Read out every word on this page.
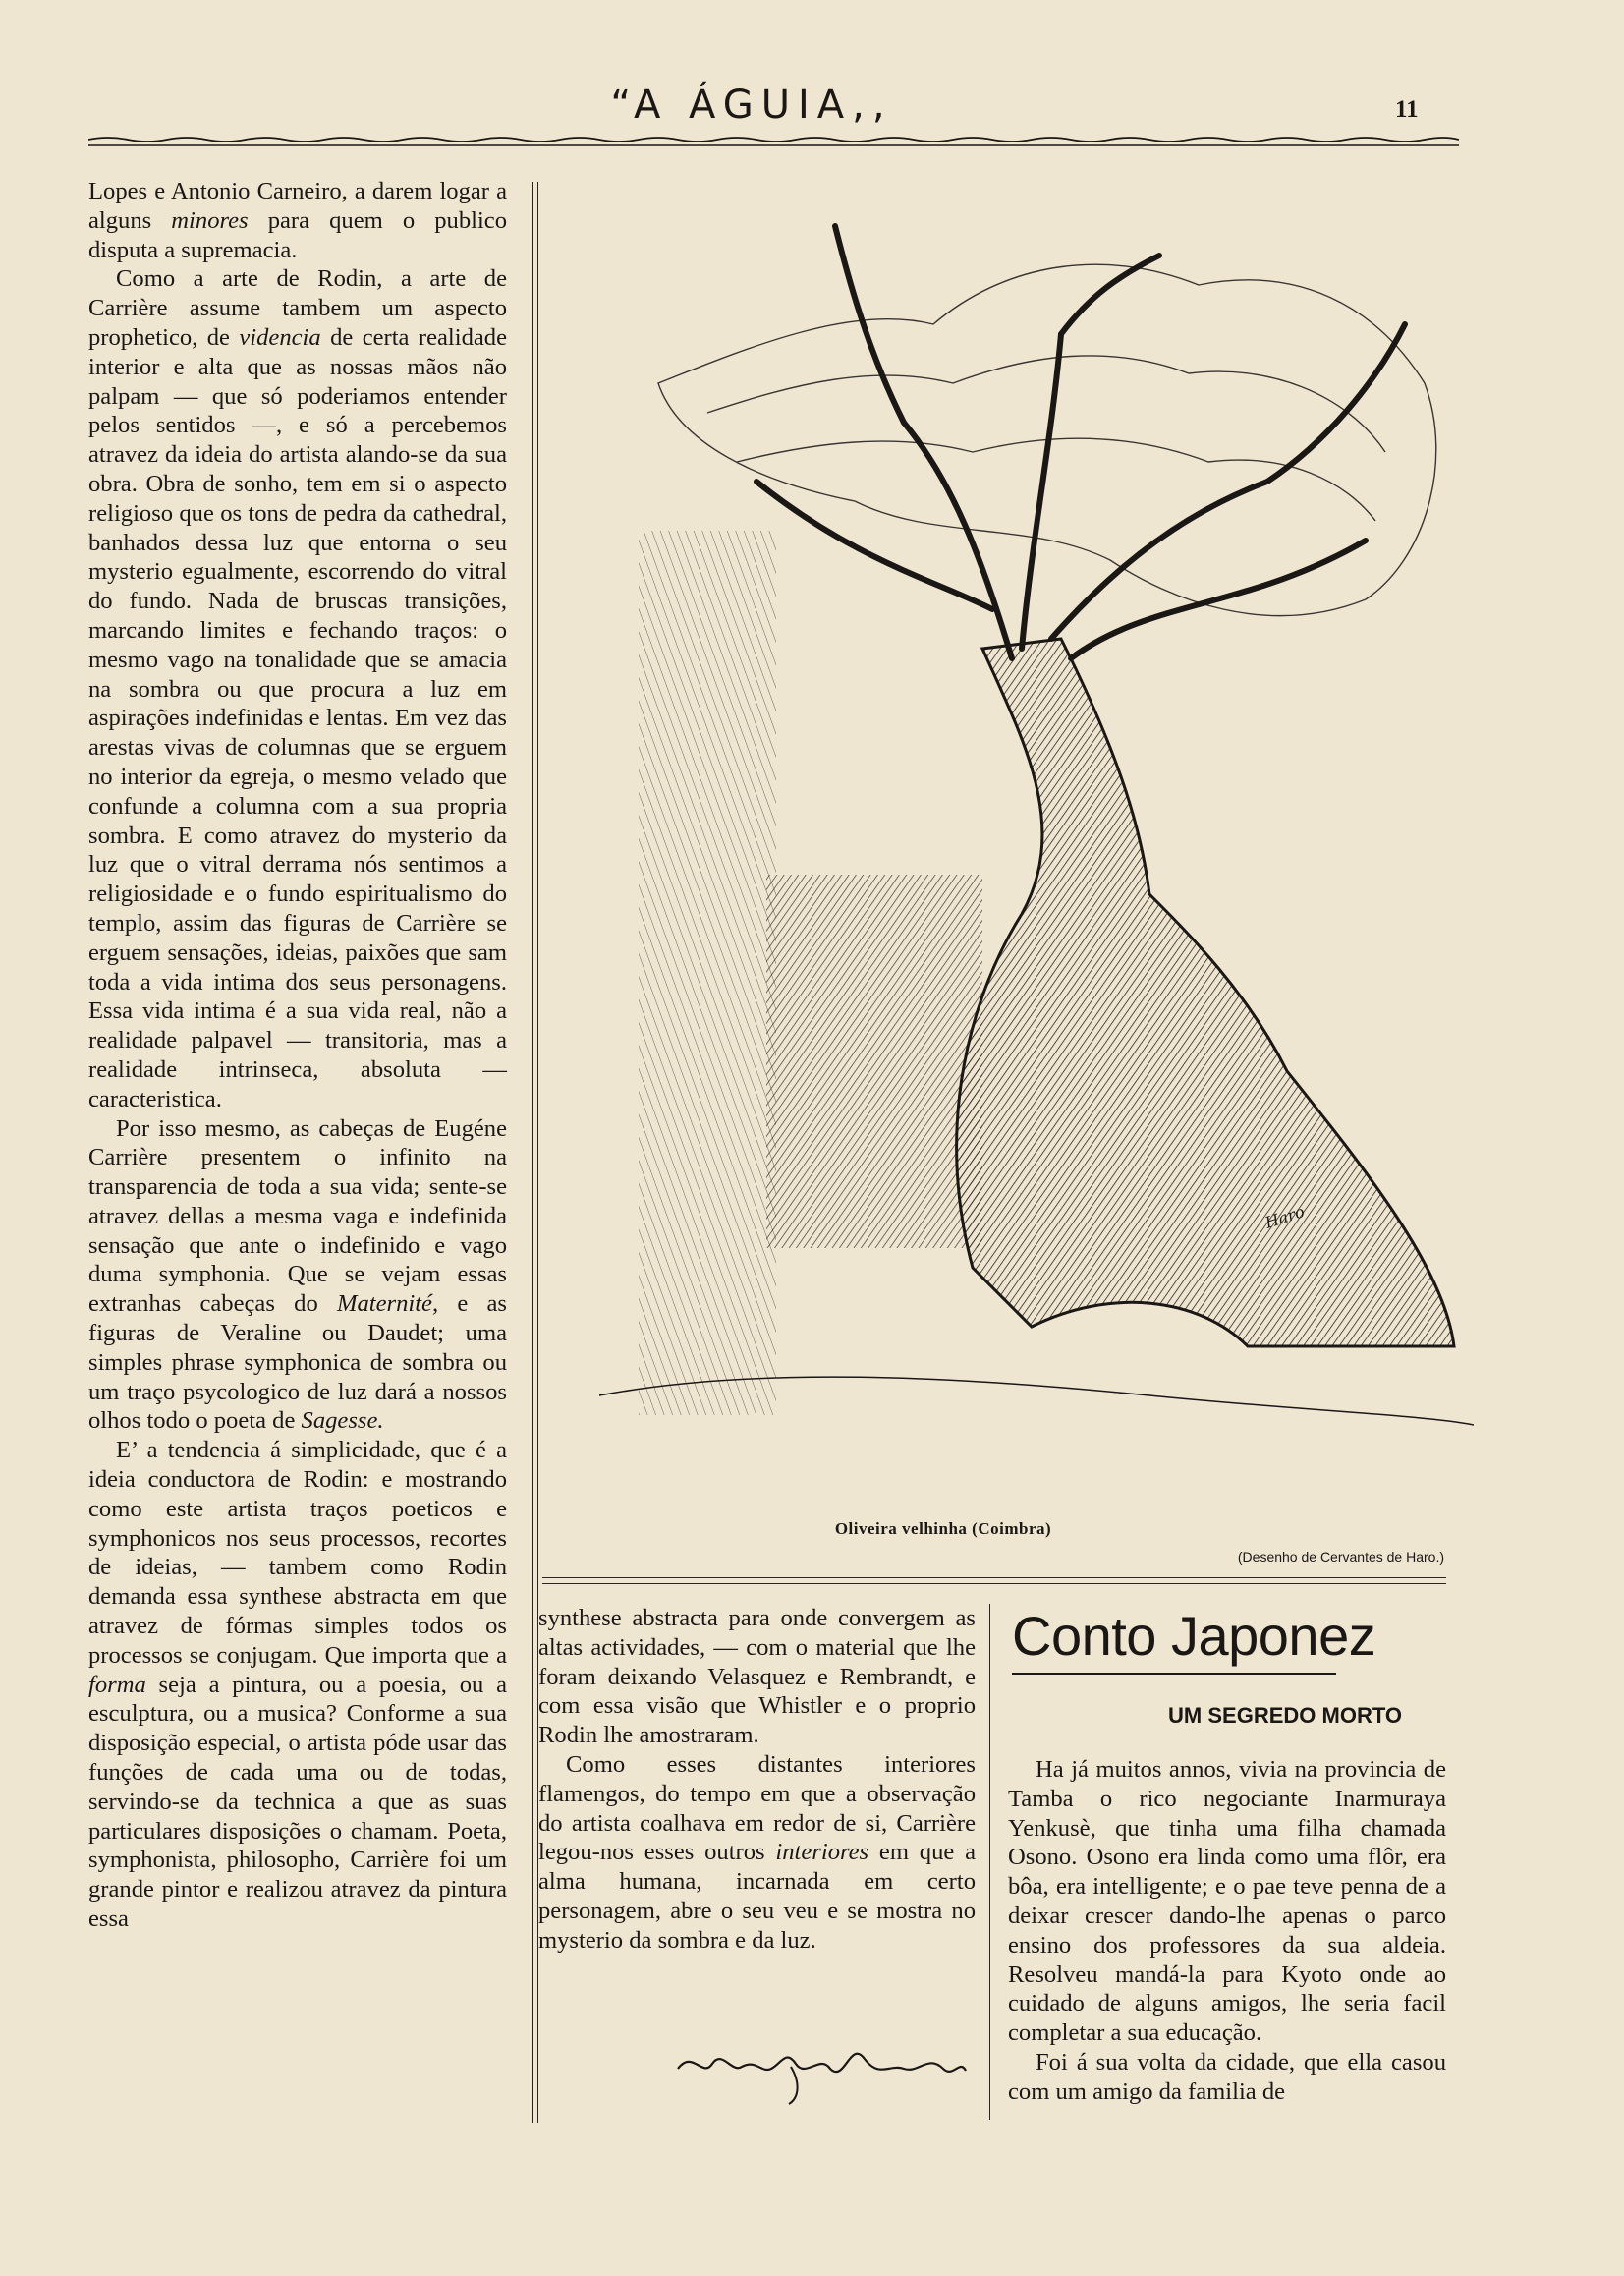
“A ÁGUIA,,	11

Lopes e Antonio Carneiro, a darem logar a alguns minores para quem o publico disputa a supremacia.

Como a arte de Rodin, a arte de Carrière assume tambem um aspecto prophetico, de videncia de certa realidade interior e alta que as nossas mãos não palpam — que só poderiamos entender pelos sentidos —, e só a percebemos atravez da ideia do artista alando-se da sua obra. Obra de sonho, tem em si o aspecto religioso que os tons de pedra da cathedral, banhados dessa luz que entorna o seu mysterio egualmente, escorrendo do vitral do fundo. Nada de bruscas transições, marcando limites e fechando traços: o mesmo vago na tonalidade que se amacia na sombra ou que procura a luz em aspirações indefinidas e lentas. Em vez das arestas vivas de columnas que se erguem no interior da egreja, o mesmo velado que confunde a columna com a sua propria sombra. E como atravez do mysterio da luz que o vitral derrama nós sentimos a religiosidade e o fundo espiritualismo do templo, assim das figuras de Carrière se erguem sensações, ideias, paixões que sam toda a vida intima dos seus personagens. Essa vida intima é a sua vida real, não a realidade palpavel — transitoria, mas a realidade intrinseca, absoluta — caracteristica.

Por isso mesmo, as cabeças de Eugéne Carrière presentem o infinito na transparencia de toda a sua vida; sente-se atravez dellas a mesma vaga e indefinida sensação que ante o indefinido e vago duma symphonia. Que se vejam essas extranhas cabeças do Maternité, e as figuras de Veraline ou Daudet; uma simples phrase symphonica de sombra ou um traço psycologico de luz dará a nossos olhos todo o poeta de Sagesse.

E’ a tendencia á simplicidade, que é a ideia conductora de Rodin: e mostrando como este artista traços poeticos e symphonicos nos seus processos, recortes de ideias, — tambem como Rodin demanda essa synthese abstracta em que atravez de fórmas simples todos os processos se conjugam. Que importa que a forma seja a pintura, ou a poesia, ou a esculptura, ou a musica? Conforme a sua disposição especial, o artista póde usar das funções de cada uma ou de todas, servindo-se da technica a que as suas particulares disposições o chamam. Poeta, symphonista, philosopho, Carrière foi um grande pintor e realizou atravez da pintura essa

Haro
Oliveira velhinha (Coimbra)
(Desenho de Cervantes de Haro.)

synthese abstracta para onde convergem as altas actividades, — com o material que lhe foram deixando Velasquez e Rembrandt, e com essa visão que Whistler e o proprio Rodin lhe amostraram.

Como esses distantes interiores flamengos, do tempo em que a observação do artista coalhava em redor de si, Carrière legou-nos esses outros interiores em que a alma humana, incarnada em certo personagem, abre o seu veu e se mostra no mysterio da sombra e da luz.

Conto Japonez
UM SEGREDO MORTO

Ha já muitos annos, vivia na provincia de Tamba o rico negociante Inarmuraya Yenkusè, que tinha uma filha chamada Osono. Osono era linda como uma flôr, era bôa, era intelligente; e o pae teve penna de a deixar crescer dando-lhe apenas o parco ensino dos professores da sua aldeia. Resolveu mandá-la para Kyoto onde ao cuidado de alguns amigos, lhe seria facil completar a sua educação.

Foi á sua volta da cidade, que ella casou com um amigo da familia de
